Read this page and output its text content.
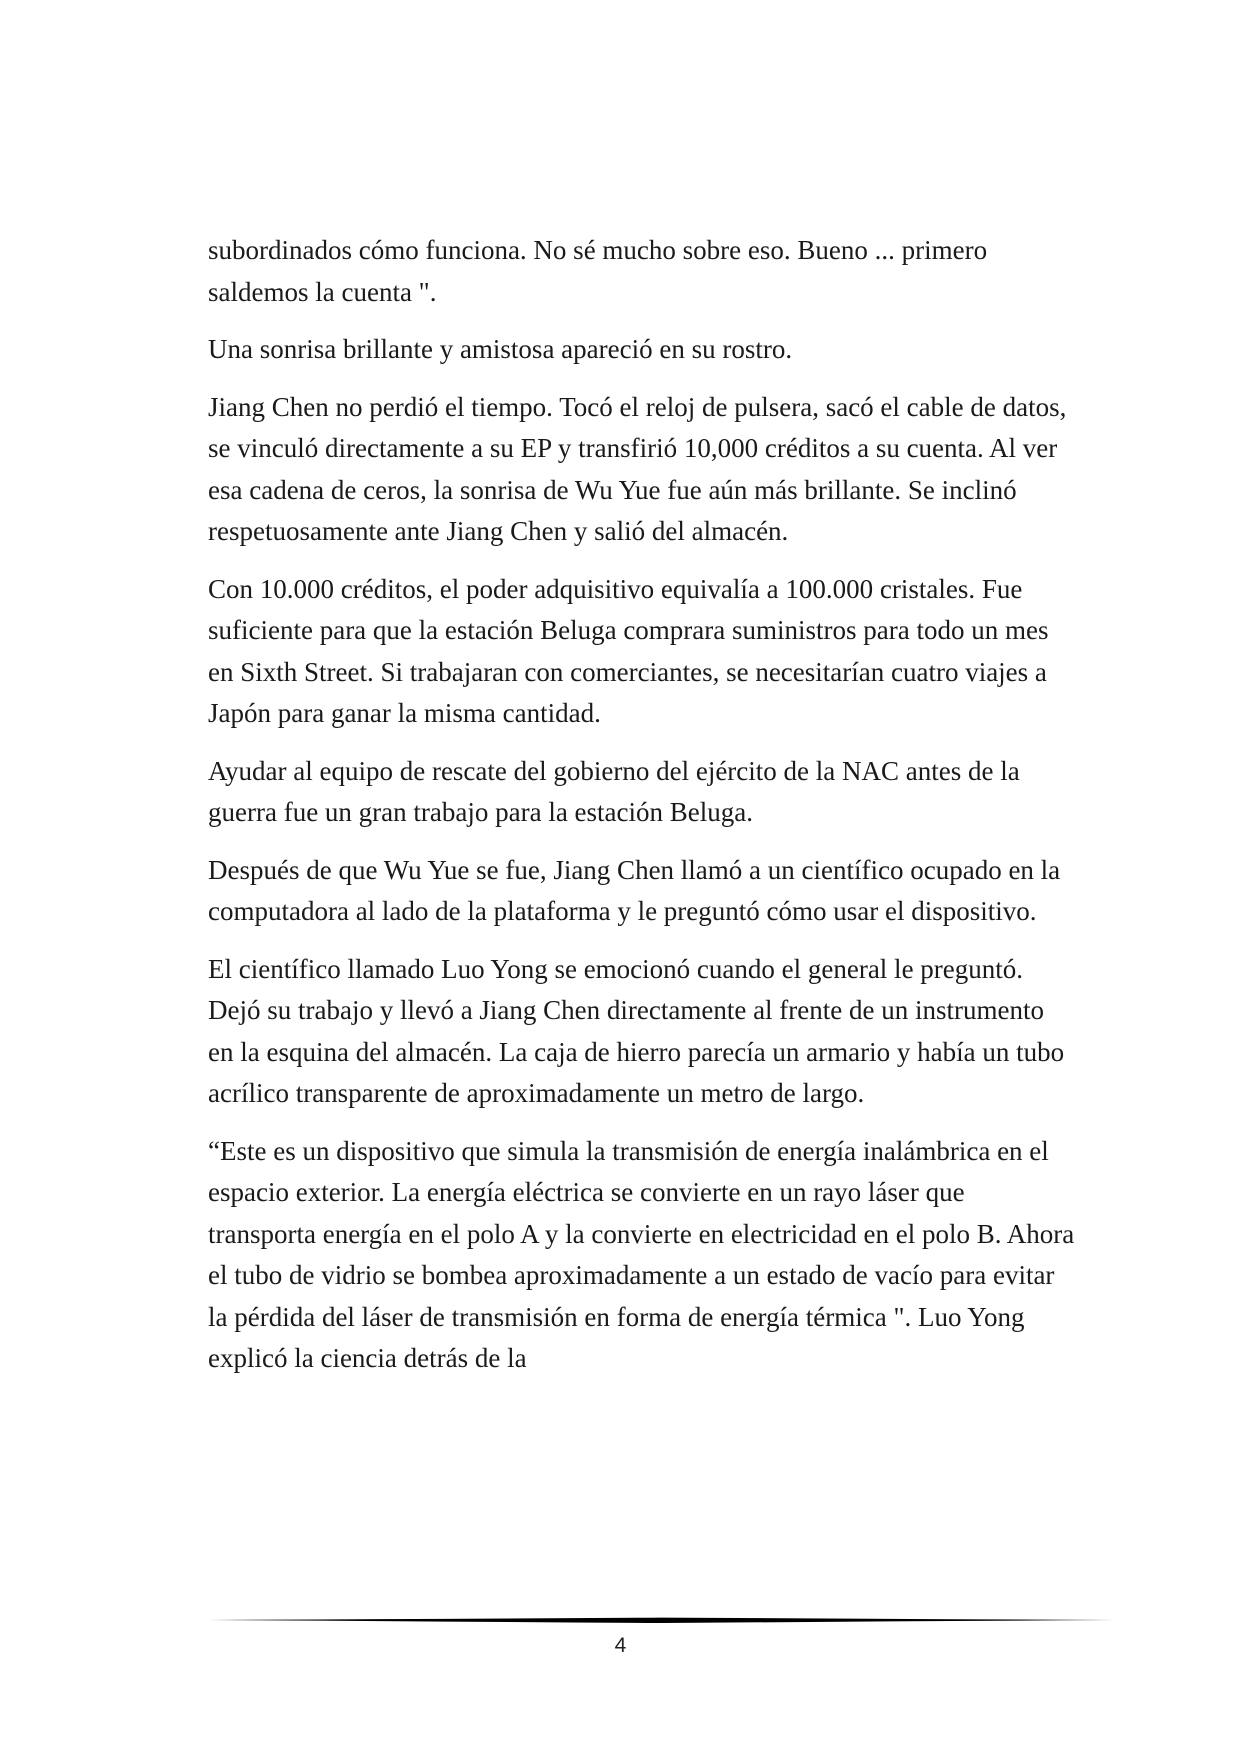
subordinados cómo funciona. No sé mucho sobre eso. Bueno ... primero saldemos la cuenta ".

Una sonrisa brillante y amistosa apareció en su rostro.

Jiang Chen no perdió el tiempo. Tocó el reloj de pulsera, sacó el cable de datos, se vinculó directamente a su EP y transfirió 10,000 créditos a su cuenta. Al ver esa cadena de ceros, la sonrisa de Wu Yue fue aún más brillante. Se inclinó respetuosamente ante Jiang Chen y salió del almacén.

Con 10.000 créditos, el poder adquisitivo equivalía a 100.000 cristales. Fue suficiente para que la estación Beluga comprara suministros para todo un mes en Sixth Street. Si trabajaran con comerciantes, se necesitarían cuatro viajes a Japón para ganar la misma cantidad.

Ayudar al equipo de rescate del gobierno del ejército de la NAC antes de la guerra fue un gran trabajo para la estación Beluga.

Después de que Wu Yue se fue, Jiang Chen llamó a un científico ocupado en la computadora al lado de la plataforma y le preguntó cómo usar el dispositivo.

El científico llamado Luo Yong se emocionó cuando el general le preguntó. Dejó su trabajo y llevó a Jiang Chen directamente al frente de un instrumento en la esquina del almacén. La caja de hierro parecía un armario y había un tubo acrílico transparente de aproximadamente un metro de largo.

“Este es un dispositivo que simula la transmisión de energía inalámbrica en el espacio exterior. La energía eléctrica se convierte en un rayo láser que transporta energía en el polo A y la convierte en electricidad en el polo B. Ahora el tubo de vidrio se bombea aproximadamente a un estado de vacío para evitar la pérdida del láser de transmisión en forma de energía térmica ". Luo Yong explicó la ciencia detrás de la

4
